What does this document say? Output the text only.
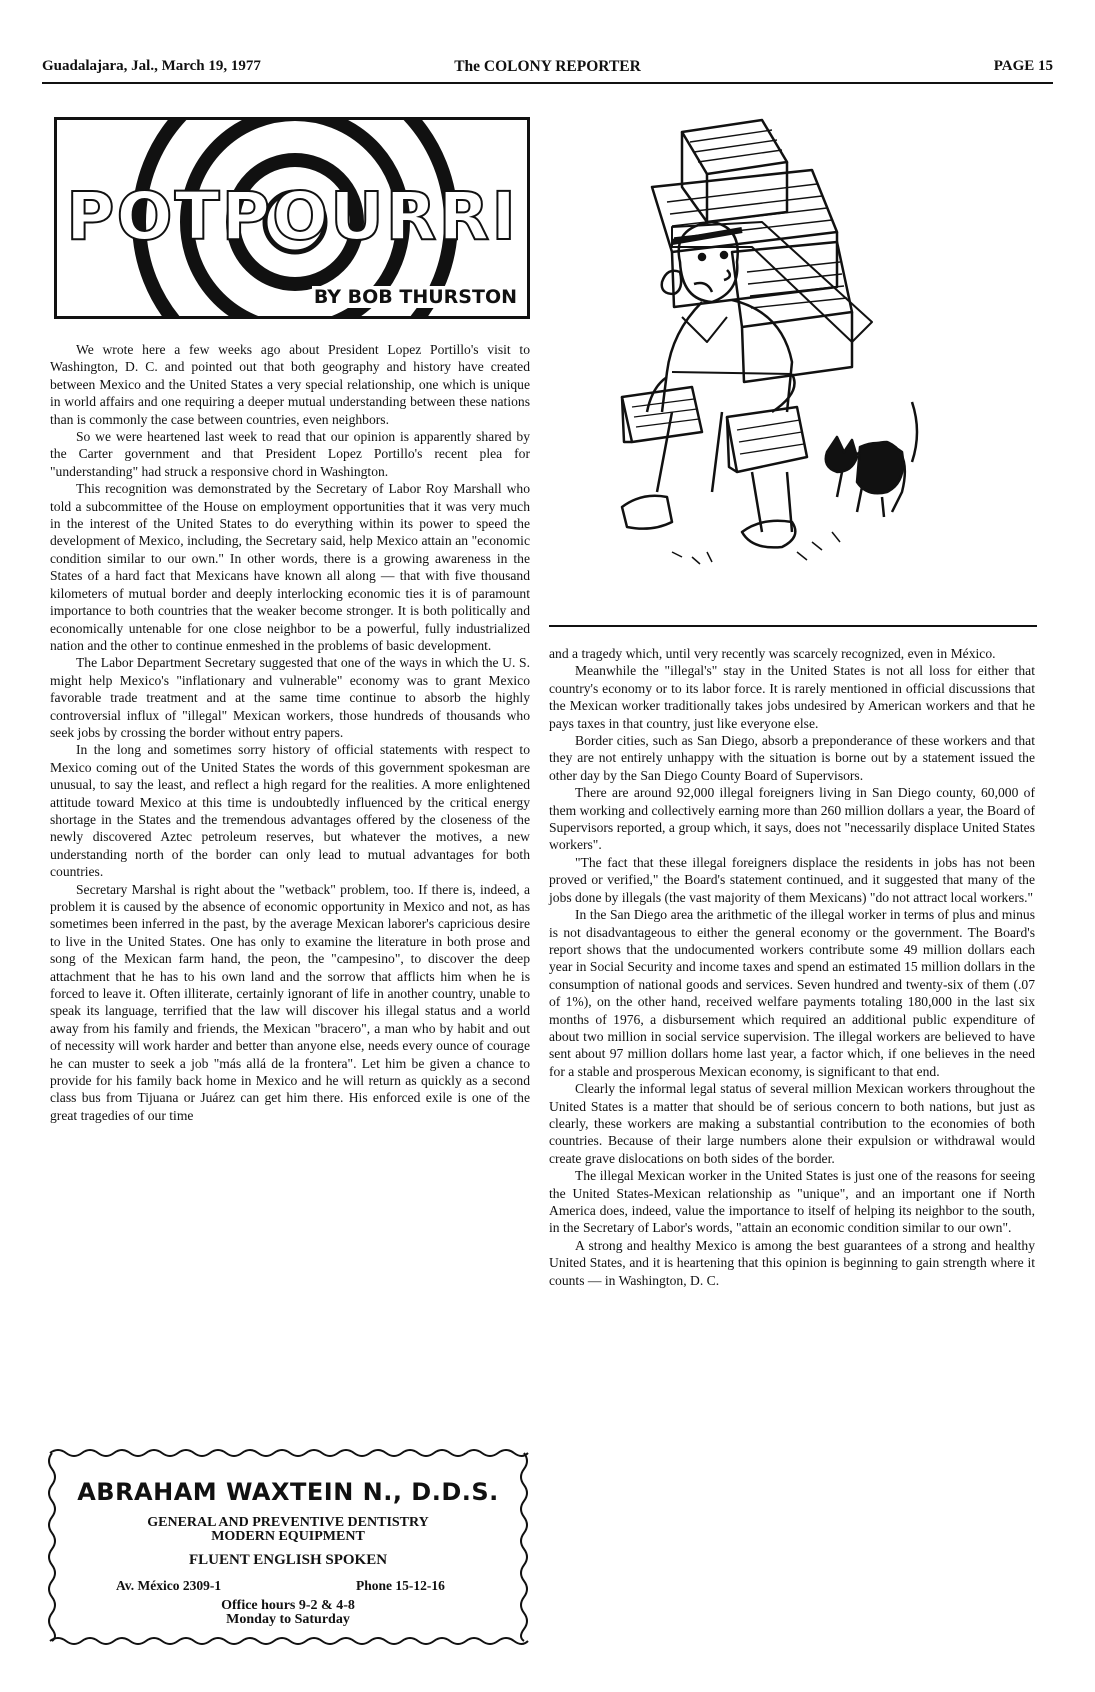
Guadalajara, Jal., March 19, 1977	The COLONY REPORTER	PAGE 15
POTPOURRI
BY BOB THURSTON

We wrote here a few weeks ago about President Lopez Portillo's visit to Washington, D. C. and pointed out that both geography and history have created between Mexico and the United States a very special relationship, one which is unique in world affairs and one requiring a deeper mutual understanding between these nations than is commonly the case between countries, even neighbors.

So we were heartened last week to read that our opinion is apparently shared by the Carter government and that President Lopez Portillo's recent plea for "understanding" had struck a responsive chord in Washington.

This recognition was demonstrated by the Secretary of Labor Roy Marshall who told a subcommittee of the House on employment opportunities that it was very much in the interest of the United States to do everything within its power to speed the development of Mexico, including, the Secretary said, help Mexico attain an "economic condition similar to our own." In other words, there is a growing awareness in the States of a hard fact that Mexicans have known all along — that with five thousand kilometers of mutual border and deeply interlocking economic ties it is of paramount importance to both countries that the weaker become stronger. It is both politically and economically untenable for one close neighbor to be a powerful, fully industrialized nation and the other to continue enmeshed in the problems of basic development.

The Labor Department Secretary suggested that one of the ways in which the U. S. might help Mexico's "inflationary and vulnerable" economy was to grant Mexico favorable trade treatment and at the same time continue to absorb the highly controversial influx of "illegal" Mexican workers, those hundreds of thousands who seek jobs by crossing the border without entry papers.

In the long and sometimes sorry history of official statements with respect to Mexico coming out of the United States the words of this government spokesman are unusual, to say the least, and reflect a high regard for the realities. A more enlightened attitude toward Mexico at this time is undoubtedly influenced by the critical energy shortage in the States and the tremendous advantages offered by the closeness of the newly discovered Aztec petroleum reserves, but whatever the motives, a new understanding north of the border can only lead to mutual advantages for both countries.

Secretary Marshal is right about the "wetback" problem, too. If there is, indeed, a problem it is caused by the absence of economic opportunity in Mexico and not, as has sometimes been inferred in the past, by the average Mexican laborer's capricious desire to live in the United States. One has only to examine the literature in both prose and song of the Mexican farm hand, the peon, the "campesino", to discover the deep attachment that he has to his own land and the sorrow that afflicts him when he is forced to leave it. Often illiterate, certainly ignorant of life in another country, unable to speak its language, terrified that the law will discover his illegal status and a world away from his family and friends, the Mexican "bracero", a man who by habit and out of necessity will work harder and better than anyone else, needs every ounce of courage he can muster to seek a job "más allá de la frontera". Let him be given a chance to provide for his family back home in Mexico and he will return as quickly as a second class bus from Tijuana or Juárez can get him there. His enforced exile is one of the great tragedies of our time

and a tragedy which, until very recently was scarcely recognized, even in México.

Meanwhile the "illegal's" stay in the United States is not all loss for either that country's economy or to its labor force. It is rarely mentioned in official discussions that the Mexican worker traditionally takes jobs undesired by American workers and that he pays taxes in that country, just like everyone else.

Border cities, such as San Diego, absorb a preponderance of these workers and that they are not entirely unhappy with the situation is borne out by a statement issued the other day by the San Diego County Board of Supervisors.

There are around 92,000 illegal foreigners living in San Diego county, 60,000 of them working and collectively earning more than 260 million dollars a year, the Board of Supervisors reported, a group which, it says, does not "necessarily displace United States workers".

"The fact that these illegal foreigners displace the residents in jobs has not been proved or verified," the Board's statement continued, and it suggested that many of the jobs done by illegals (the vast majority of them Mexicans) "do not attract local workers."

In the San Diego area the arithmetic of the illegal worker in terms of plus and minus is not disadvantageous to either the general economy or the government. The Board's report shows that the undocumented workers contribute some 49 million dollars each year in Social Security and income taxes and spend an estimated 15 million dollars in the consumption of national goods and services. Seven hundred and twenty-six of them (.07 of 1%), on the other hand, received welfare payments totaling 180,000 in the last six months of 1976, a disbursement which required an additional public expenditure of about two million in social service supervision. The illegal workers are believed to have sent about 97 million dollars home last year, a factor which, if one believes in the need for a stable and prosperous Mexican economy, is significant to that end.

Clearly the informal legal status of several million Mexican workers throughout the United States is a matter that should be of serious concern to both nations, but just as clearly, these workers are making a substantial contribution to the economies of both countries. Because of their large numbers alone their expulsion or withdrawal would create grave dislocations on both sides of the border.

The illegal Mexican worker in the United States is just one of the reasons for seeing the United States-Mexican relationship as "unique", and an important one if North America does, indeed, value the importance to itself of helping its neighbor to the south, in the Secretary of Labor's words, "attain an economic condition similar to our own".

A strong and healthy Mexico is among the best guarantees of a strong and healthy United States, and it is heartening that this opinion is beginning to gain strength where it counts — in Washington, D. C.

ABRAHAM WAXTEIN N., D.D.S.
GENERAL AND PREVENTIVE DENTISTRY
MODERN EQUIPMENT
FLUENT ENGLISH SPOKEN
Av. México 2309-1	Phone 15-12-16
Office hours 9-2 & 4-8
Monday to Saturday
